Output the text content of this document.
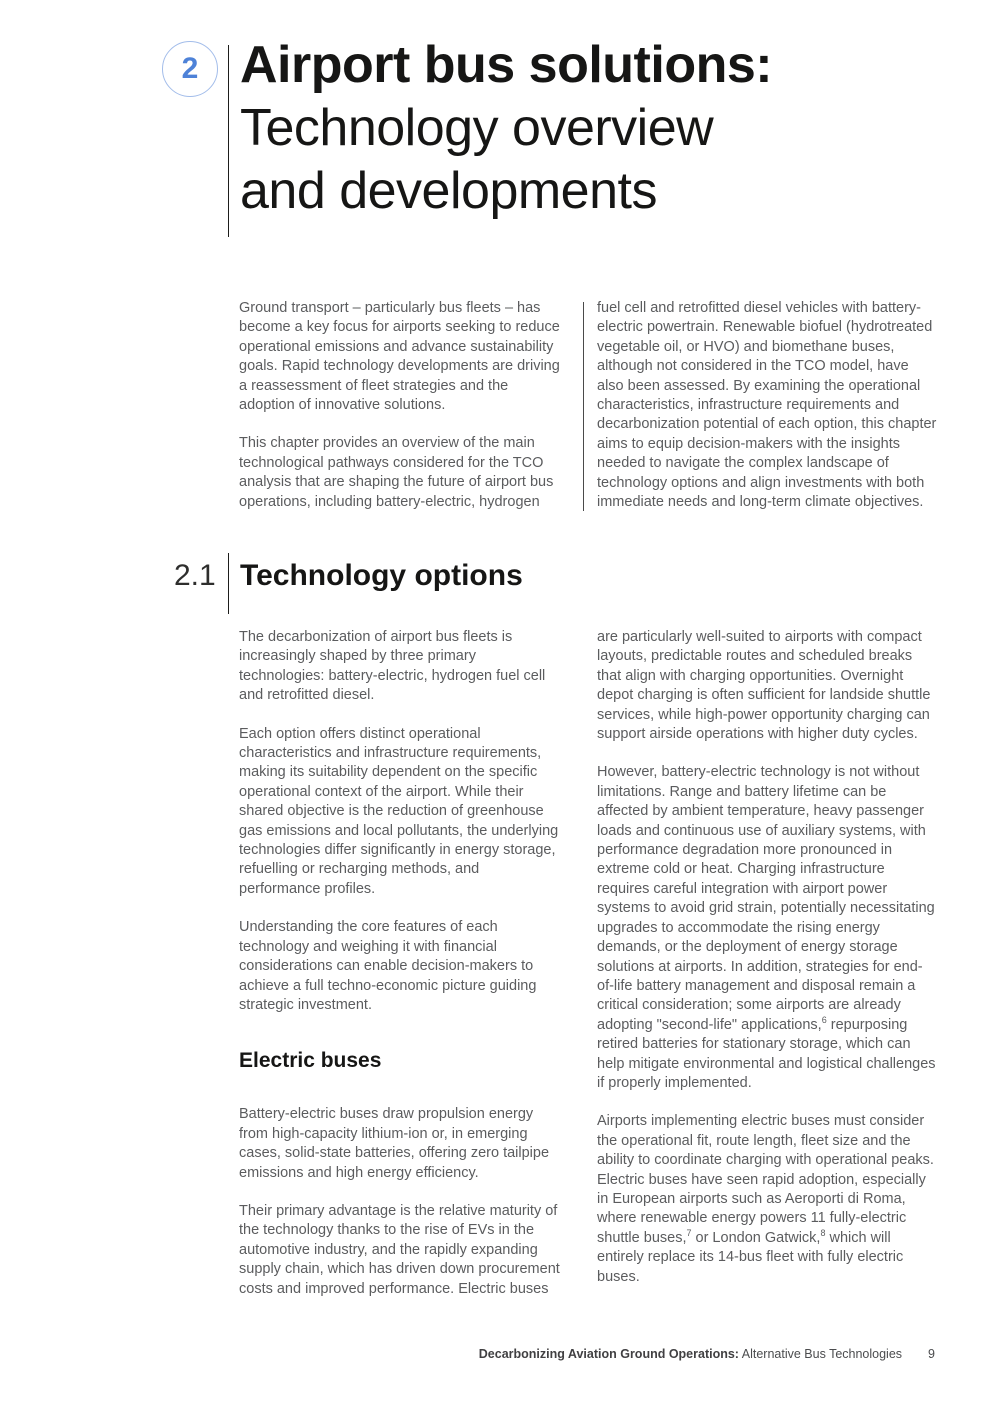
2 Airport bus solutions:
Technology overview
and developments

Ground transport – particularly bus fleets – has become a key focus for airports seeking to reduce operational emissions and advance sustainability goals. Rapid technology developments are driving a reassessment of fleet strategies and the adoption of innovative solutions.

This chapter provides an overview of the main technological pathways considered for the TCO analysis that are shaping the future of airport bus operations, including battery-electric, hydrogen

fuel cell and retrofitted diesel vehicles with battery-electric powertrain. Renewable biofuel (hydrotreated vegetable oil, or HVO) and biomethane buses, although not considered in the TCO model, have also been assessed. By examining the operational characteristics, infrastructure requirements and decarbonization potential of each option, this chapter aims to equip decision-makers with the insights needed to navigate the complex landscape of technology options and align investments with both immediate needs and long-term climate objectives.

2.1 Technology options

The decarbonization of airport bus fleets is increasingly shaped by three primary technologies: battery-electric, hydrogen fuel cell and retrofitted diesel.

Each option offers distinct operational characteristics and infrastructure requirements, making its suitability dependent on the specific operational context of the airport. While their shared objective is the reduction of greenhouse gas emissions and local pollutants, the underlying technologies differ significantly in energy storage, refuelling or recharging methods, and performance profiles.

Understanding the core features of each technology and weighing it with financial considerations can enable decision-makers to achieve a full techno-economic picture guiding strategic investment.

Electric buses

Battery-electric buses draw propulsion energy from high-capacity lithium-ion or, in emerging cases, solid-state batteries, offering zero tailpipe emissions and high energy efficiency.

Their primary advantage is the relative maturity of the technology thanks to the rise of EVs in the automotive industry, and the rapidly expanding supply chain, which has driven down procurement costs and improved performance. Electric buses

are particularly well-suited to airports with compact layouts, predictable routes and scheduled breaks that align with charging opportunities. Overnight depot charging is often sufficient for landside shuttle services, while high-power opportunity charging can support airside operations with higher duty cycles.

However, battery-electric technology is not without limitations. Range and battery lifetime can be affected by ambient temperature, heavy passenger loads and continuous use of auxiliary systems, with performance degradation more pronounced in extreme cold or heat. Charging infrastructure requires careful integration with airport power systems to avoid grid strain, potentially necessitating upgrades to accommodate the rising energy demands, or the deployment of energy storage solutions at airports. In addition, strategies for end-of-life battery management and disposal remain a critical consideration; some airports are already adopting "second-life" applications,$^6$ repurposing retired batteries for stationary storage, which can help mitigate environmental and logistical challenges if properly implemented.

Airports implementing electric buses must consider the operational fit, route length, fleet size and the ability to coordinate charging with operational peaks. Electric buses have seen rapid adoption, especially in European airports such as Aeroporti di Roma, where renewable energy powers 11 fully-electric shuttle buses,$^7$ or London Gatwick,$^8$ which will entirely replace its 14-bus fleet with fully electric buses.

Decarbonizing Aviation Ground Operations: Alternative Bus Technologies 9
